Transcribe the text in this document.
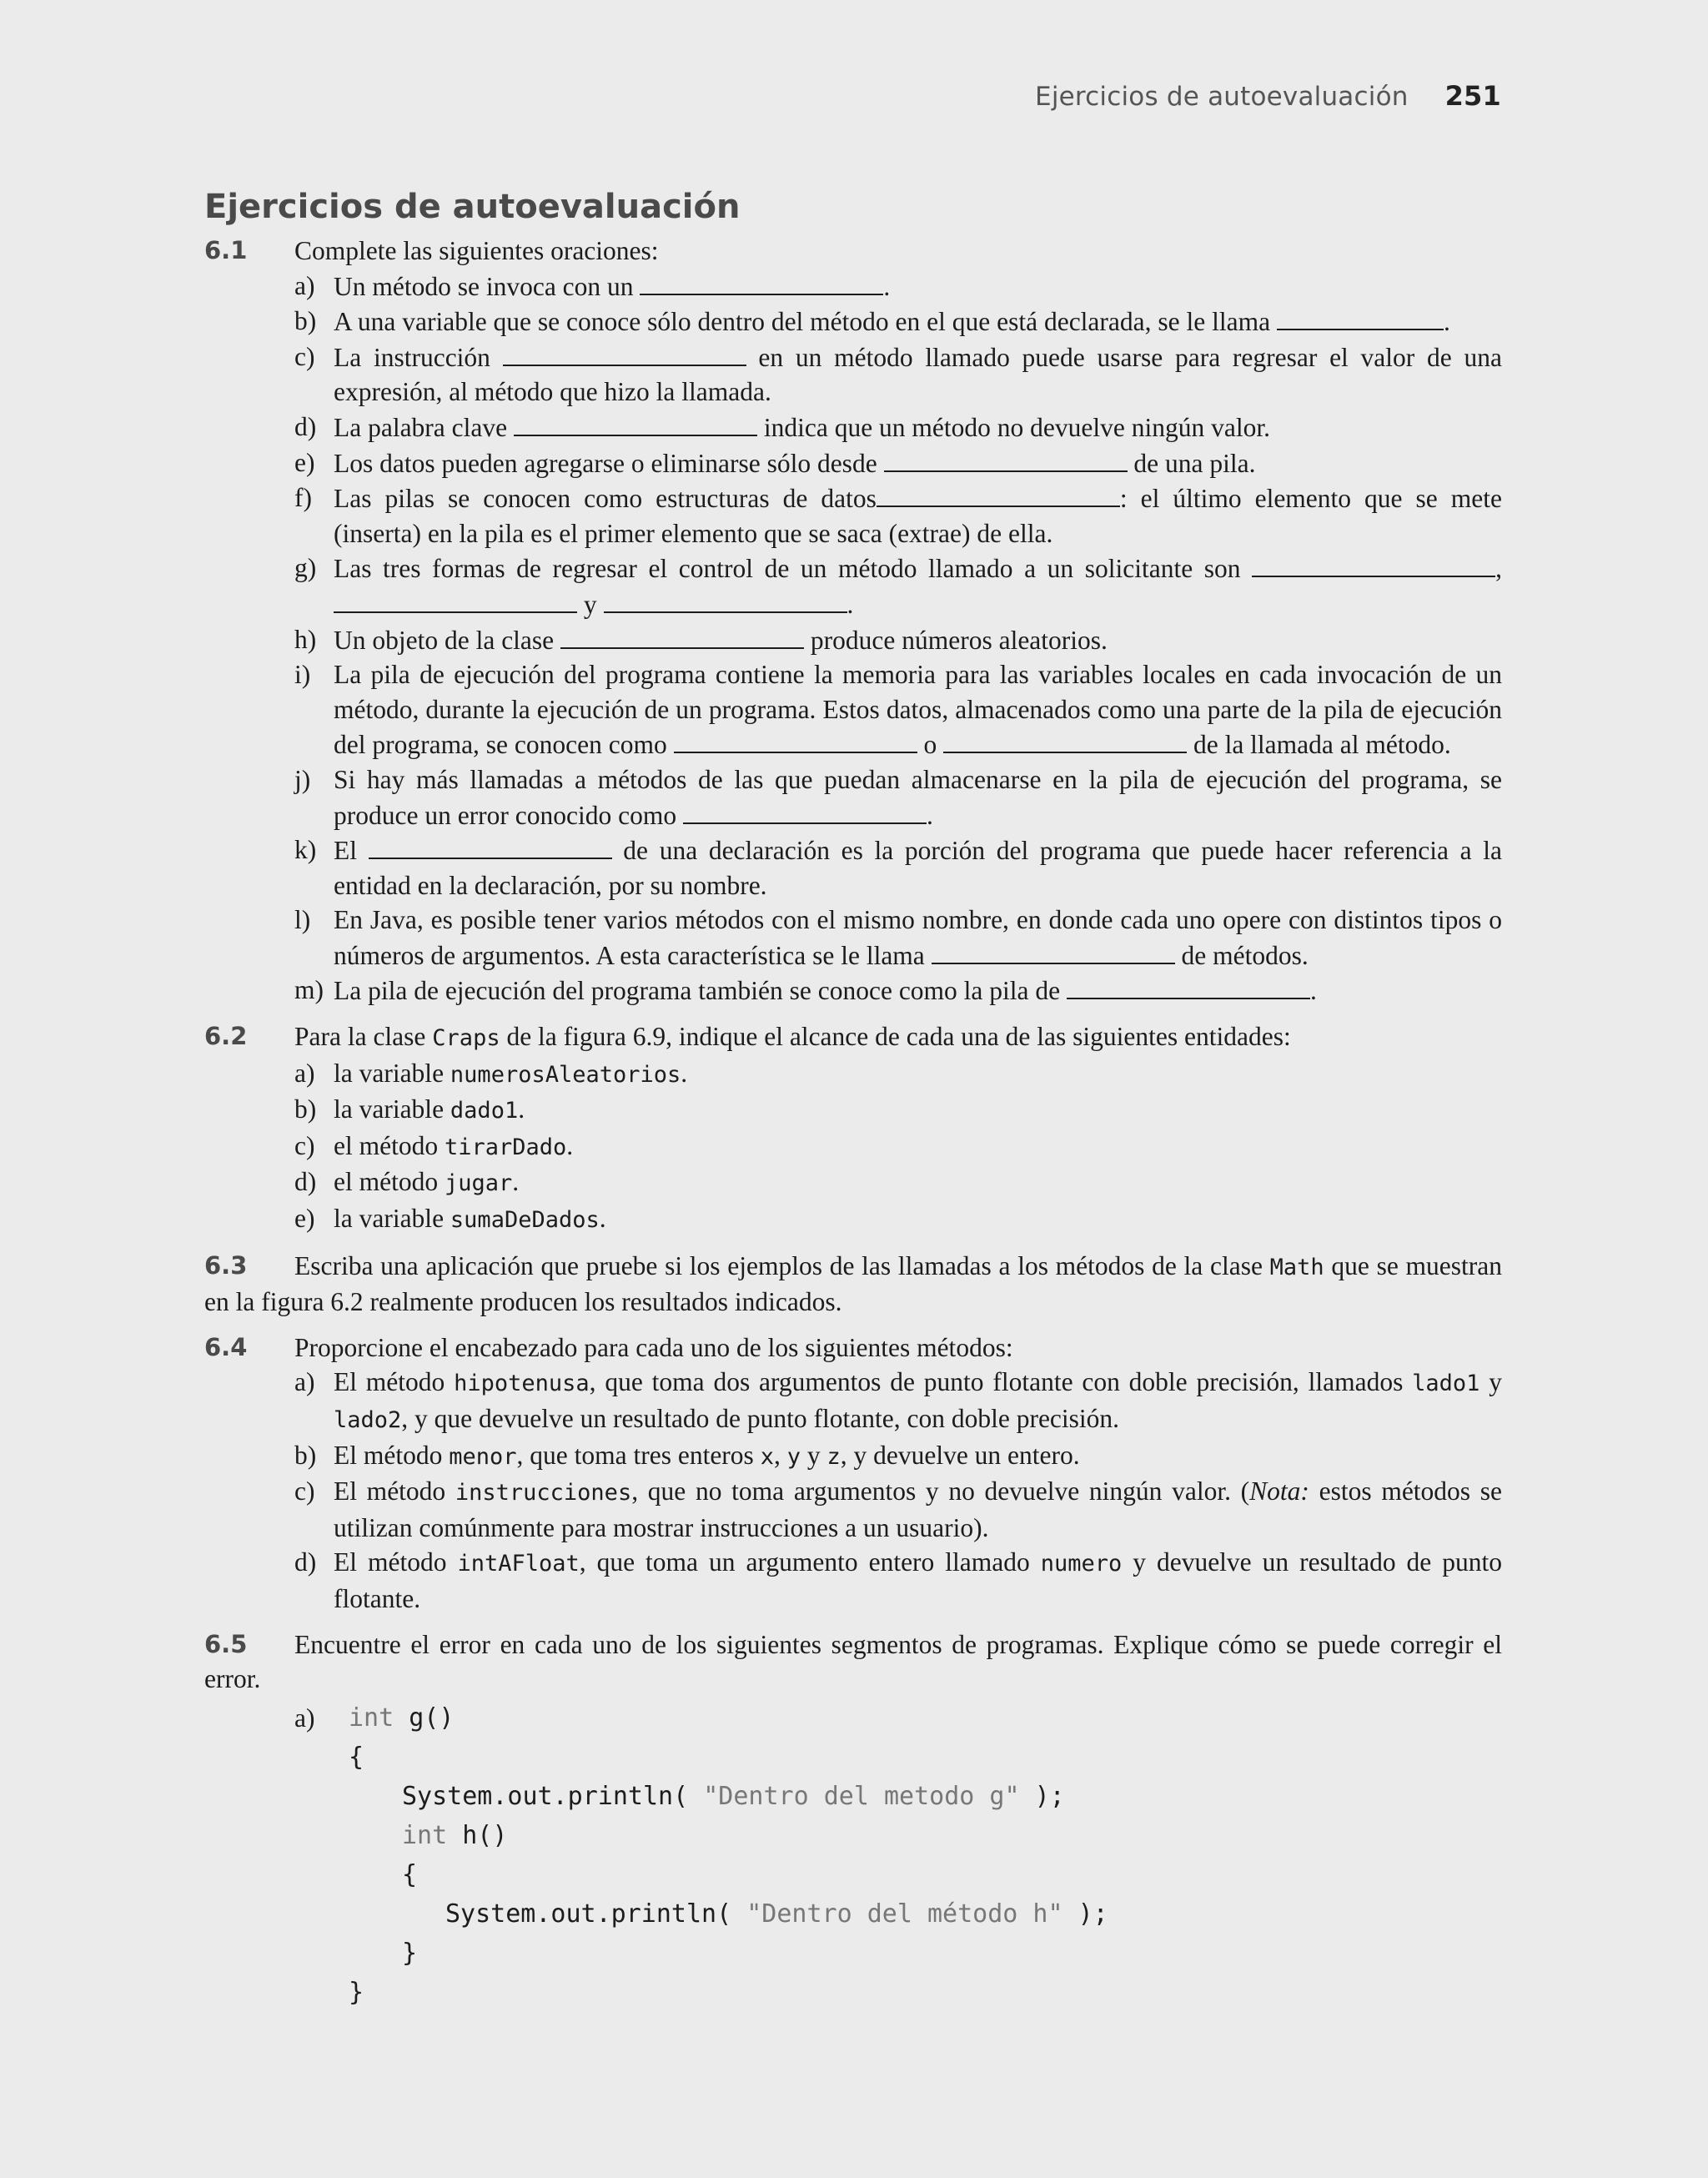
Ejercicios de autoevaluación 251
Ejercicios de autoevaluación
6.1	Complete las siguientes oraciones:
a) Un método se invoca con un	.
b) A una variable que se conoce sólo dentro del método en el que está declarada, se le llama	.
c) La instrucción	en un método llamado puede usarse para regresar el valor de una expresión, al método que hizo la llamada.
d) La palabra clave	indica que un método no devuelve ningún valor.
e) Los datos pueden agregarse o eliminarse sólo desde	de una pila.
f) Las pilas se conocen como estructuras de datos	: el último elemento que se mete (inserta) en la pila es el primer elemento que se saca (extrae) de ella.
g) Las tres formas de regresar el control de un método llamado a un solicitante son	,  y	.
h) Un objeto de la clase	produce números aleatorios.
i) La pila de ejecución del programa contiene la memoria para las variables locales en cada invocación de un método, durante la ejecución de un programa. Estos datos, almacenados como una parte de la pila de ejecución del programa, se conocen como	o	de la llamada al método.
j) Si hay más llamadas a métodos de las que puedan almacenarse en la pila de ejecución del programa, se produce un error conocido como	.
k) El	de una declaración es la porción del programa que puede hacer referencia a la entidad en la declaración, por su nombre.
l) En Java, es posible tener varios métodos con el mismo nombre, en donde cada uno opere con distintos tipos o números de argumentos. A esta característica se le llama	de métodos.
m) La pila de ejecución del programa también se conoce como la pila de	.
6.2	Para la clase Craps de la figura 6.9, indique el alcance de cada una de las siguientes entidades:
a) la variable numerosAleatorios.
b) la variable dado1.
c) el método tirarDado.
d) el método jugar.
e) la variable sumaDeDados.
6.3	Escriba una aplicación que pruebe si los ejemplos de las llamadas a los métodos de la clase Math que se muestran en la figura 6.2 realmente producen los resultados indicados.
6.4	Proporcione el encabezado para cada uno de los siguientes métodos:
a) El método hipotenusa, que toma dos argumentos de punto flotante con doble precisión, llamados lado1 y lado2, y que devuelve un resultado de punto flotante, con doble precisión.
b) El método menor, que toma tres enteros x, y y z, y devuelve un entero.
c) El método instrucciones, que no toma argumentos y no devuelve ningún valor. (Nota: estos métodos se utilizan comúnmente para mostrar instrucciones a un usuario).
d) El método intAFloat, que toma un argumento entero llamado numero y devuelve un resultado de punto flotante.
6.5	Encuentre el error en cada uno de los siguientes segmentos de programas. Explique cómo se puede corregir el error.
a)	int g()
{
System.out.println( "Dentro del metodo g" );
int h()
{
System.out.println( "Dentro del método h" );
}
}
